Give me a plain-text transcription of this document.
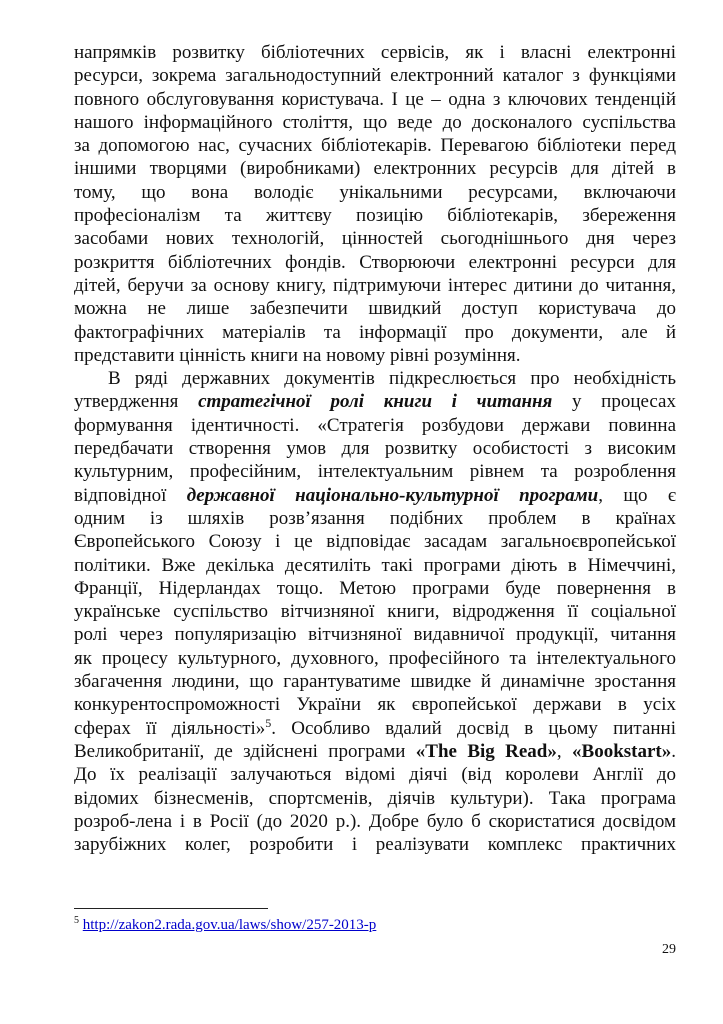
напрямків розвитку бібліотечних сервісів, як і власні електронні
ресурси, зокрема загальнодоступний електронний каталог з функціями
повного обслуговування користувача. І це – одна з ключових тенденцій
нашого інформаційного століття, що веде до досконалого суспільства
за допомогою нас, сучасних бібліотекарів. Перевагою бібліотеки перед
іншими творцями (виробниками) електронних ресурсів для дітей в
тому, що вона володіє унікальними ресурсами, включаючи
професіоналізм та життєву позицію бібліотекарів, збереження
засобами нових технологій, цінностей сьогоднішнього дня через
розкриття бібліотечних фондів. Створюючи електронні ресурси для
дітей, беручи за основу книгу, підтримуючи інтерес дитини до читання,
можна не лише забезпечити швидкий доступ користувача до
фактографічних матеріалів та інформації про документи, але й
представити цінність книги на новому рівні розуміння.
В ряді державних документів підкреслюється про необхідність
утвердження стратегічної ролі книги і читання у процесах
формування ідентичності. «Стратегія розбудови держави повинна
передбачати створення умов для розвитку особистості з високим
культурним, професійним, інтелектуальним рівнем та розроблення
відповідної державної національно-культурної програми, що є
одним із шляхів розв’язання подібних проблем в країнах
Європейського Союзу і це відповідає засадам загальноєвропейської
політики. Вже декілька десятиліть такі програми діють в Німеччині,
Франції, Нідерландах тощо. Метою програми буде повернення в
українське суспільство вітчизняної книги, відродження її соціальної
ролі через популяризацію вітчизняної видавничої продукції, читання
як процесу культурного, духовного, професійного та інтелектуального
збагачення людини, що гарантуватиме швидке й динамічне зростання
конкурентоспроможності України як європейської держави в усіх
сферах її діяльності»$^5$. Особливо вдалий досвід в цьому питанні
Великобританії, де здійснені програми «The Big Read», «Bookstart».
До їх реалізації залучаються відомі діячі (від королеви Англії до
відомих бізнесменів, спортсменів, діячів культури). Така програма
розроб-лена і в Росії (до 2020 р.). Добре було б скористатися досвідом
зарубіжних колег, розробити і реалізувати комплекс практичних
$^5$ http://zakon2.rada.gov.ua/laws/show/257-2013-р
29
